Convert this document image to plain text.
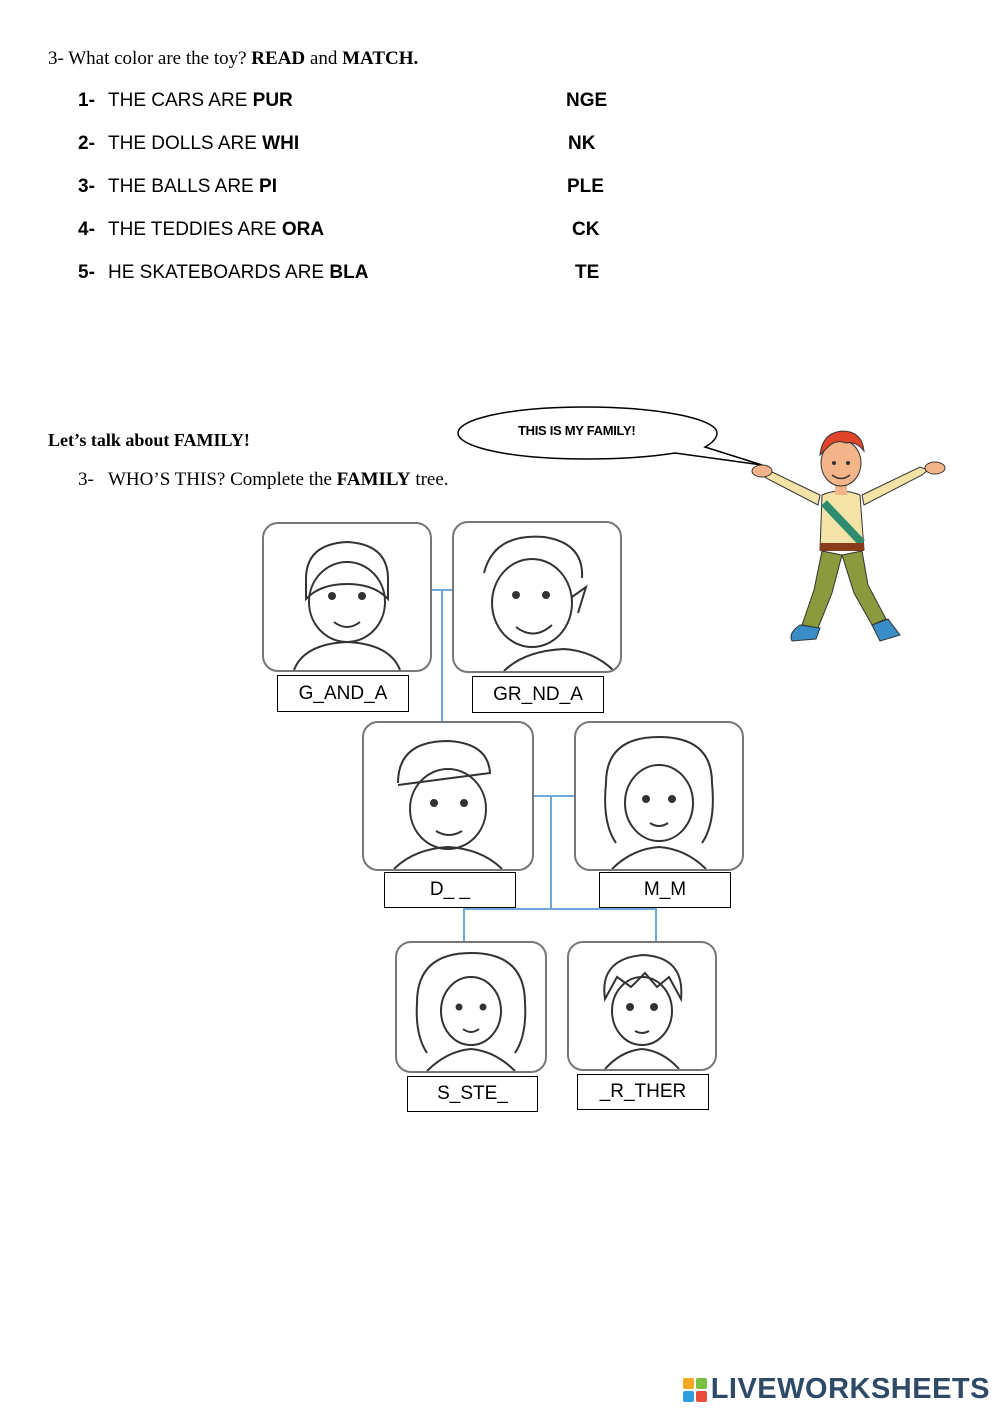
3- What color are the toy? READ and MATCH.
1- THE CARS ARE PUR	NGE
2- THE DOLLS ARE WHI	NK
3- THE BALLS ARE PI	PLE
4- THE TEDDIES ARE ORA	CK
5- HE SKATEBOARDS ARE BLA	TE
Let’s talk about FAMILY!
3- WHO’S THIS? Complete the FAMILY tree.
THIS IS MY FAMILY!
G_AND_A	GR_ND_A
D_ _	M_M
S_STE_	_R_THER
LIVEWORKSHEETS
